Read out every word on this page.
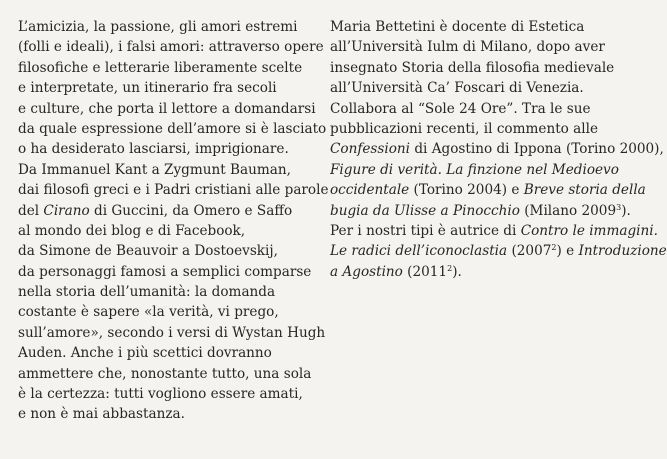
L’amicizia, la passione, gli amori estremi
(folli e ideali), i falsi amori: attraverso opere
filosofiche e letterarie liberamente scelte
e interpretate, un itinerario fra secoli
e culture, che porta il lettore a domandarsi
da quale espressione dell’amore si è lasciato
o ha desiderato lasciarsi, imprigionare.
Da Immanuel Kant a Zygmunt Bauman,
dai filosofi greci e i Padri cristiani alle parole
del Cirano di Guccini, da Omero e Saffo
al mondo dei blog e di Facebook,
da Simone de Beauvoir a Dostoevskij,
da personaggi famosi a semplici comparse
nella storia dell’umanità: la domanda
costante è sapere «la verità, vi prego,
sull’amore», secondo i versi di Wystan Hugh
Auden. Anche i più scettici dovranno
ammettere che, nonostante tutto, una sola
è la certezza: tutti vogliono essere amati,
e non è mai abbastanza.
Maria Bettetini è docente di Estetica
all’Università Iulm di Milano, dopo aver
insegnato Storia della filosofia medievale
all’Università Ca’ Foscari di Venezia.
Collabora al “Sole 24 Ore”. Tra le sue
pubblicazioni recenti, il commento alle
Confessioni di Agostino di Ippona (Torino 2000),
Figure di verità. La finzione nel Medioevo
occidentale (Torino 2004) e Breve storia della
bugia da Ulisse a Pinocchio (Milano 2009$^3$).
Per i nostri tipi è autrice di Contro le immagini.
Le radici dell’iconoclastia (2007$^2$) e Introduzione
a Agostino (2011$^2$).
